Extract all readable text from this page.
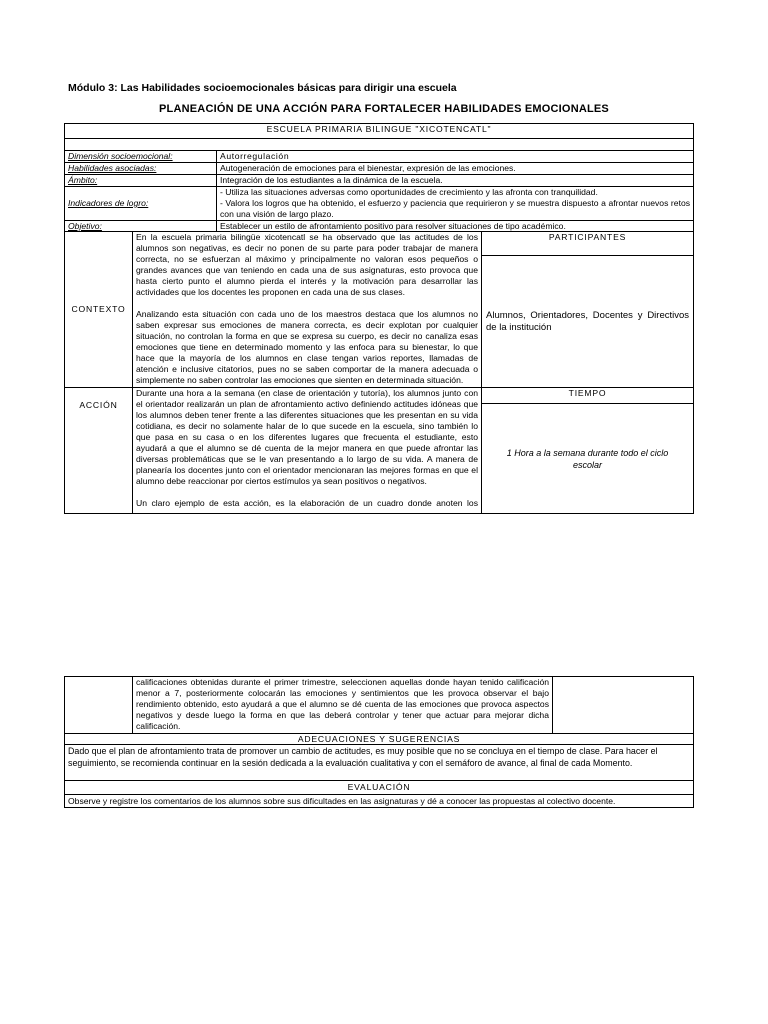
Módulo 3: Las Habilidades socioemocionales básicas para dirigir una escuela
PLANEACIÓN DE UNA ACCIÓN PARA FORTALECER HABILIDADES EMOCIONALES
ESCUELA PRIMARIA BILINGUE "XICOTENCATL"			

Dimensión socioemocional:		Autorregulación	
Habilidades asociadas:		Autogeneración de emociones para el bienestar, expresión de las emociones.	
Ámbito:		Integración de los estudiantes a la dinámica de la escuela.	
Indicadores de logro:		- Utiliza las situaciones adversas como oportunidades de crecimiento y las afronta con tranquilidad.

- Valora los logros que ha obtenido, el esfuerzo y paciencia que requirieron y se muestra dispuesto a afrontar nuevos retos con una visión de largo plazo.	

Objetivo:		Establecer un estilo de afrontamiento positivo para resolver situaciones de tipo académico.	
CONTEXTO	En la escuela primaria bilingüe xicotencatl se ha observado que las actitudes de los alumnos son negativas, es decir no ponen de su parte para poder trabajar de manera correcta, no se esfuerzan al máximo y principalmente no valoran esos pequeños o grandes avances que van teniendo en cada una de sus asignaturas, esto provoca que hasta cierto punto el alumno pierda el interés y la motivación para desarrollar las actividades que los docentes les proponen en cada una de sus clases.

Analizando esta situación con cada uno de los maestros destaca que los alumnos no saben expresar sus emociones de manera correcta, es decir explotan por cualquier situación, no controlan la forma en que se expresa su cuerpo, es decir no canaliza esas emociones que tiene en determinado momento y las enfoca para su bienestar, lo que hace que la mayoría de los alumnos en clase tengan varios reportes, llamadas de atención e inclusive citatorios, pues no se saben comportar de la manera adecuada o simplemente no saben controlar las emociones que sienten en determinada situación.		PARTICIPANTES
			Alumnos, Orientadores, Docentes y Directivos de la institución
ACCIÓN	Durante una hora a la semana (en clase de orientación y tutoría), los alumnos junto con el orientador realizarán un plan de afrontamiento activo definiendo actitudes idóneas que los alumnos deben tener frente a las diferentes situaciones que les presentan en su vida cotidiana, es decir no solamente halar de lo que sucede en la escuela, sino también lo que pasa en su casa o en los diferentes lugares que frecuenta el estudiante, esto ayudará a que el alumno se dé cuenta de la mejor manera en que puede afrontar las diversas problemáticas que se le van presentando a lo largo de su vida. A manera de planearía los docentes junto con el orientador mencionaran las mejores formas en que el alumno debe reaccionar por ciertos estímulos ya sean positivos o negativos.

Un claro ejemplo de esta acción, es la elaboración de un cuadro donde anoten los		TIEMPO
			1 Hora a la semana durante todo el ciclo escolar
	calificaciones obtenidas durante el primer trimestre, seleccionen aquellas donde hayan tenido calificación menor a 7, posteriormente colocarán las emociones y sentimientos que les provoca observar el bajo rendimiento obtenido, esto ayudará a que el alumno se dé cuenta de las emociones que provoca aspectos negativos y desde luego la forma en que las deberá controlar y tener que actuar para mejorar dicha calificación.	
ADECUACIONES Y SUGERENCIAS
Dado que el plan de afrontamiento trata de promover un cambio de actitudes, es muy posible que no se concluya en el tiempo de clase. Para hacer el seguimiento, se recomienda continuar en la sesión dedicada a la evaluación cualitativa y con el semáforo de avance, al final de cada Momento.
EVALUACIÓN
Observe y registre los comentarios de los alumnos sobre sus dificultades en las asignaturas y dé a conocer las propuestas al colectivo docente.
